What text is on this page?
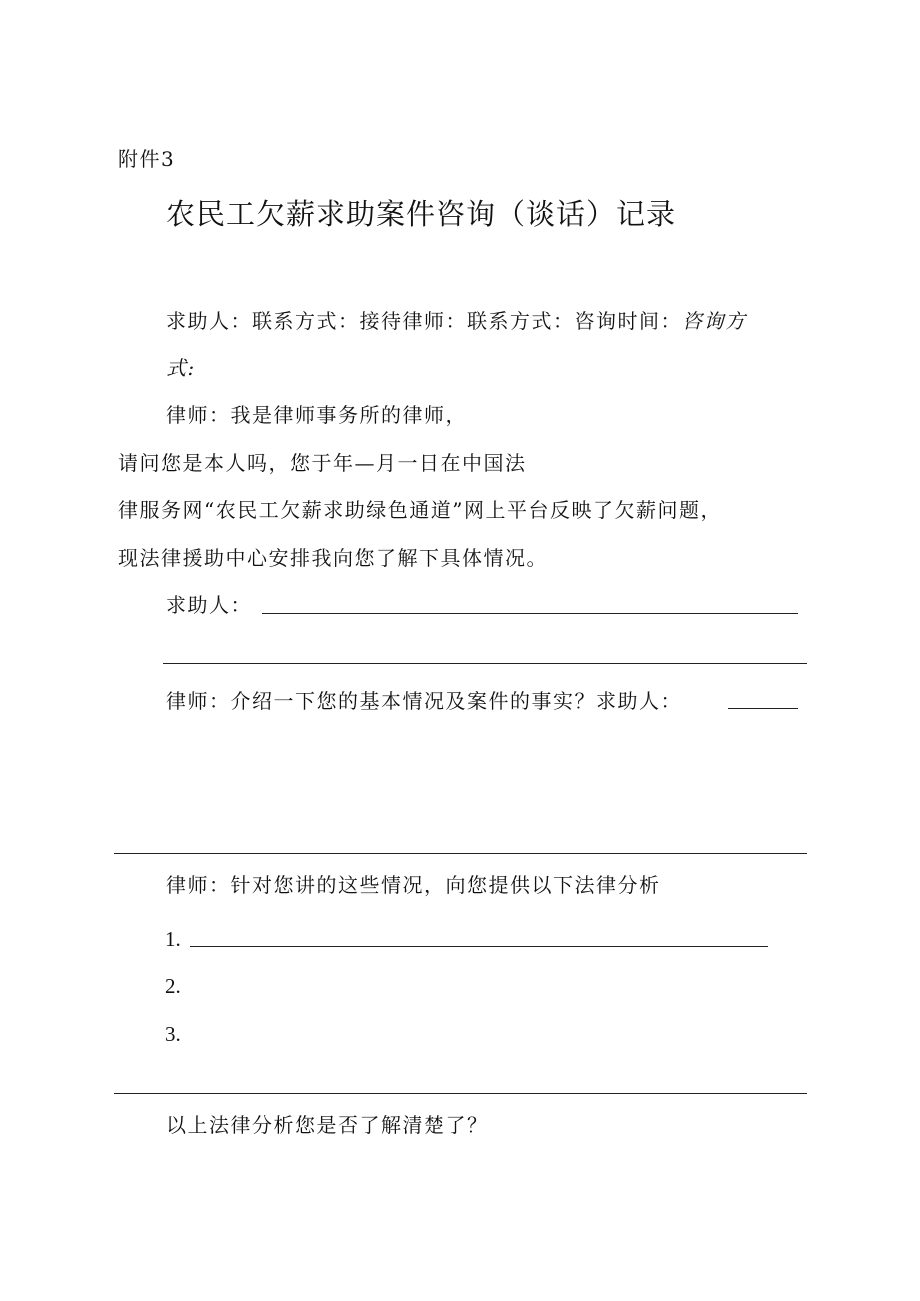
附件3
农民工欠薪求助案件咨询（谈话）记录
求助人：联系方式：接待律师：联系方式：咨询时间：咨询方
式:
律师：我是律师事务所的律师，
请问您是本人吗，您于年—月一日在中国法
律服务网“农民工欠薪求助绿色通道”网上平台反映了欠薪问题，
现法律援助中心安排我向您了解下具体情况。
求助人：
律师：介绍一下您的基本情况及案件的事实？求助人：
律师：针对您讲的这些情况，向您提供以下法律分析
1.
2.
3.
以上法律分析您是否了解清楚了？
